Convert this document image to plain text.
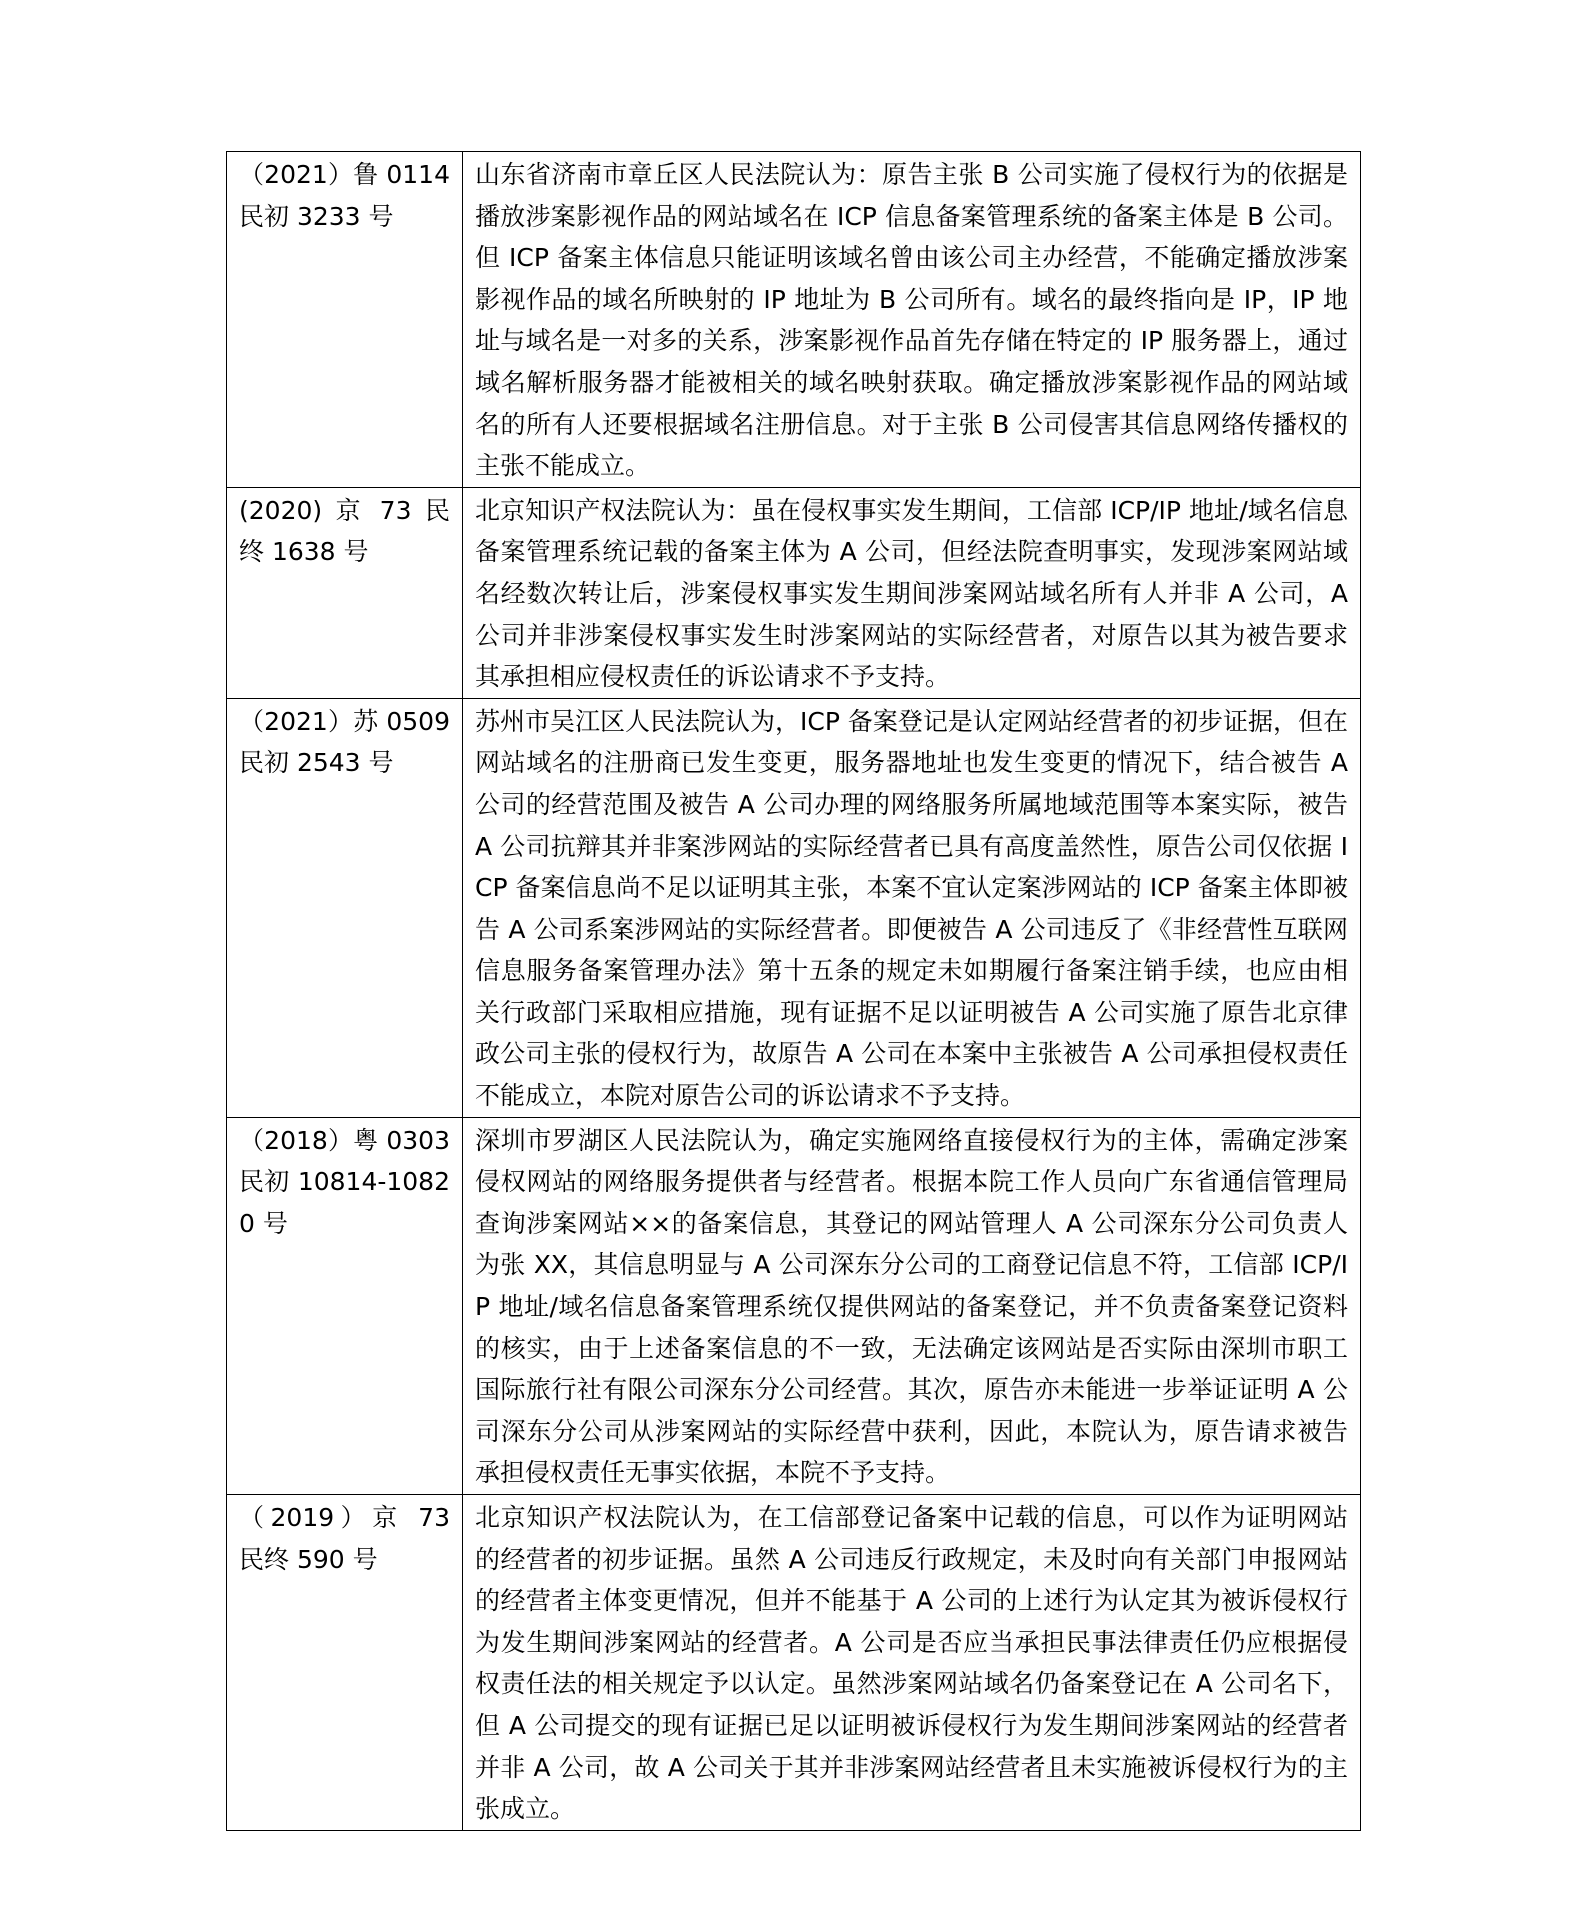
（2021）鲁 0114 民初 3233 号	山东省济南市章丘区人民法院认为：原告主张 B 公司实施了侵权行为的依据是播放涉案影视作品的网站域名在 ICP 信息备案管理系统的备案主体是 B 公司。但 ICP 备案主体信息只能证明该域名曾由该公司主办经营，不能确定播放涉案影视作品的域名所映射的 IP 地址为 B 公司所有。域名的最终指向是 IP，IP 地址与域名是一对多的关系，涉案影视作品首先存储在特定的 IP 服务器上，通过域名解析服务器才能被相关的域名映射获取。确定播放涉案影视作品的网站域名的所有人还要根据域名注册信息。对于主张 B 公司侵害其信息网络传播权的主张不能成立。
(2020) 京 73 民终 1638 号	北京知识产权法院认为：虽在侵权事实发生期间，工信部 ICP/IP 地址/域名信息备案管理系统记载的备案主体为 A 公司，但经法院查明事实，发现涉案网站域名经数次转让后，涉案侵权事实发生期间涉案网站域名所有人并非 A 公司，A 公司并非涉案侵权事实发生时涉案网站的实际经营者，对原告以其为被告要求其承担相应侵权责任的诉讼请求不予支持。
（2021）苏 0509 民初 2543 号	苏州市吴江区人民法院认为，ICP 备案登记是认定网站经营者的初步证据，但在网站域名的注册商已发生变更，服务器地址也发生变更的情况下，结合被告 A 公司的经营范围及被告 A 公司办理的网络服务所属地域范围等本案实际，被告 A 公司抗辩其并非案涉网站的实际经营者已具有高度盖然性，原告公司仅依据 ICP 备案信息尚不足以证明其主张，本案不宜认定案涉网站的 ICP 备案主体即被告 A 公司系案涉网站的实际经营者。即便被告 A 公司违反了《非经营性互联网信息服务备案管理办法》第十五条的规定未如期履行备案注销手续，也应由相关行政部门采取相应措施，现有证据不足以证明被告 A 公司实施了原告北京律政公司主张的侵权行为，故原告 A 公司在本案中主张被告 A 公司承担侵权责任不能成立，本院对原告公司的诉讼请求不予支持。
（2018）粤 0303 民初 10814-10820 号	深圳市罗湖区人民法院认为，确定实施网络直接侵权行为的主体，需确定涉案侵权网站的网络服务提供者与经营者。根据本院工作人员向广东省通信管理局查询涉案网站××的备案信息，其登记的网站管理人 A 公司深东分公司负责人为张 XX，其信息明显与 A 公司深东分公司的工商登记信息不符，工信部 ICP/IP 地址/域名信息备案管理系统仅提供网站的备案登记，并不负责备案登记资料的核实，由于上述备案信息的不一致，无法确定该网站是否实际由深圳市职工国际旅行社有限公司深东分公司经营。其次，原告亦未能进一步举证证明 A 公司深东分公司从涉案网站的实际经营中获利，因此，本院认为，原告请求被告承担侵权责任无事实依据，本院不予支持。
（2019）京 73 民终 590 号	北京知识产权法院认为，在工信部登记备案中记载的信息，可以作为证明网站的经营者的初步证据。虽然 A 公司违反行政规定，未及时向有关部门申报网站的经营者主体变更情况，但并不能基于 A 公司的上述行为认定其为被诉侵权行为发生期间涉案网站的经营者。A 公司是否应当承担民事法律责任仍应根据侵权责任法的相关规定予以认定。虽然涉案网站域名仍备案登记在 A 公司名下，但 A 公司提交的现有证据已足以证明被诉侵权行为发生期间涉案网站的经营者并非 A 公司，故 A 公司关于其并非涉案网站经营者且未实施被诉侵权行为的主张成立。
